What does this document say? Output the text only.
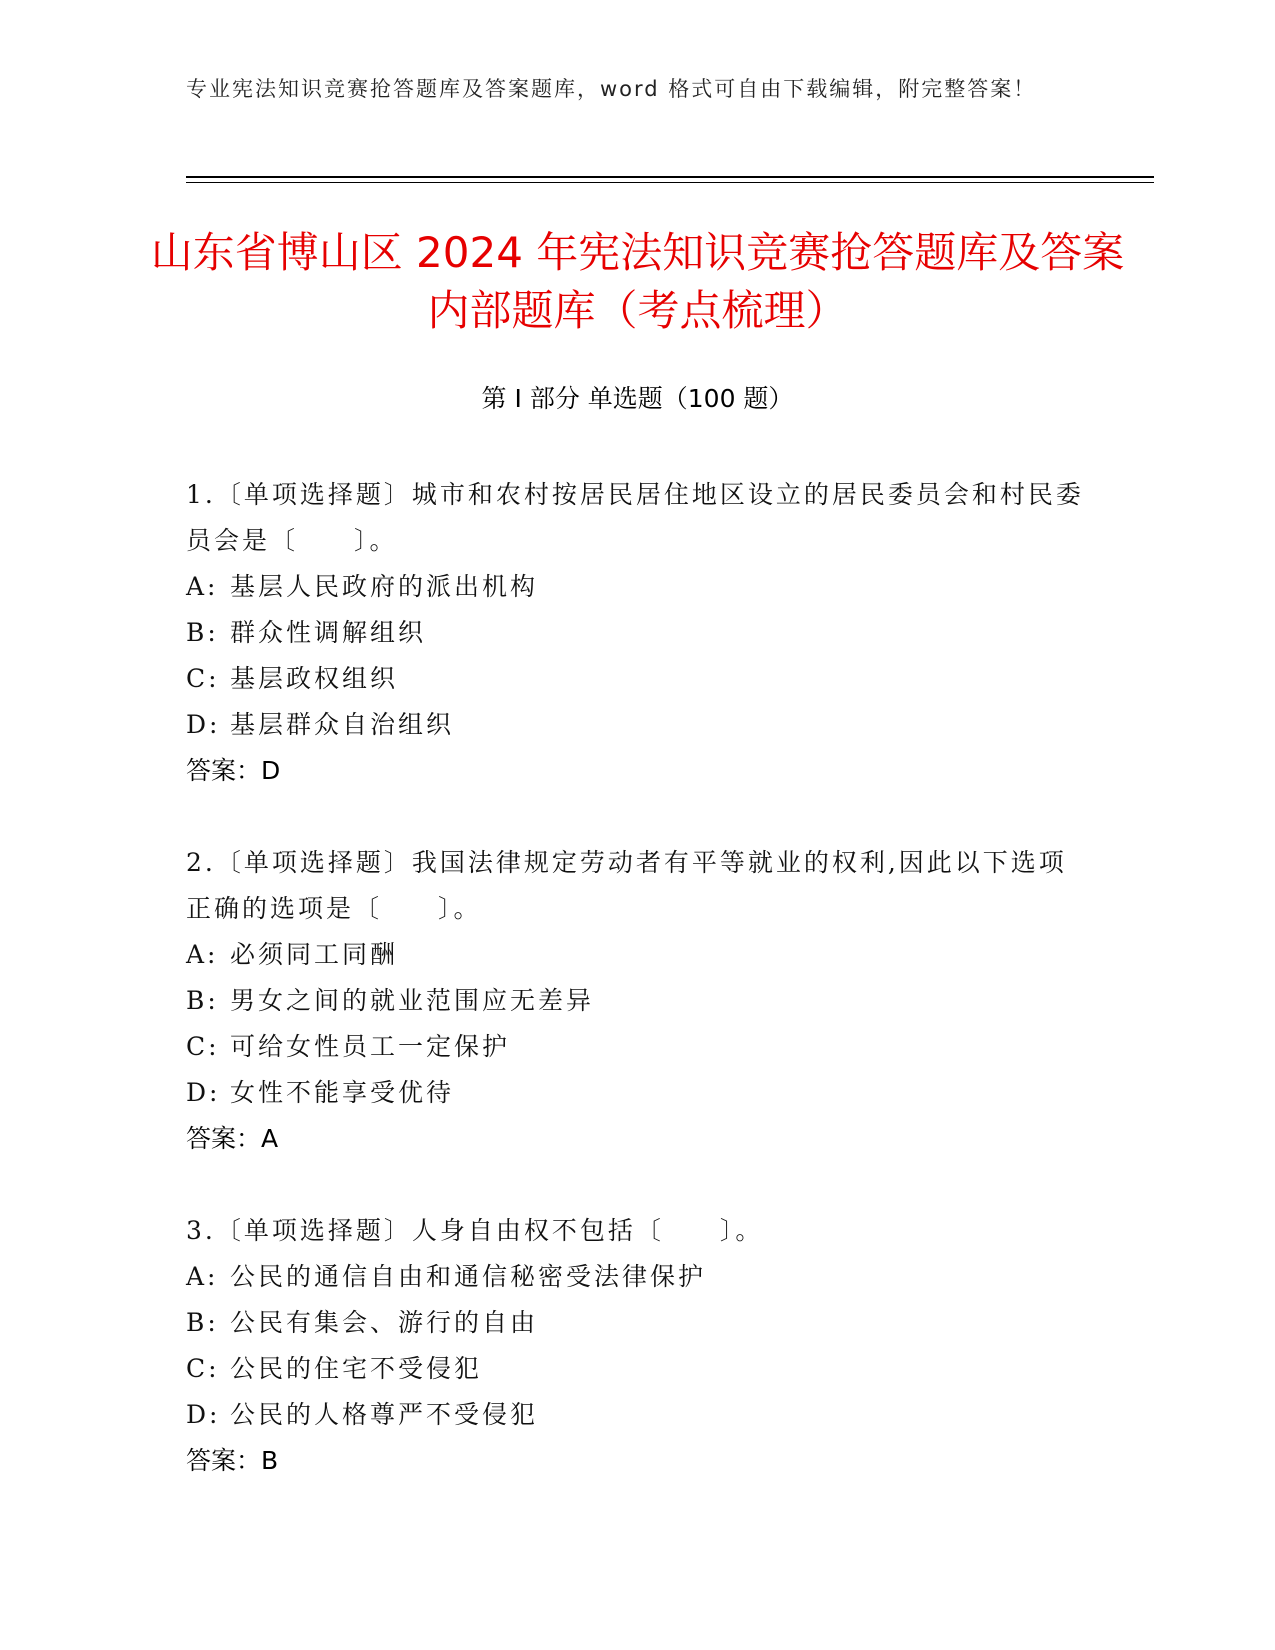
专业宪法知识竞赛抢答题库及答案题库，word 格式可自由下载编辑，附完整答案！
山东省博山区 2024 年宪法知识竞赛抢答题库及答案内部题库（考点梳理）
第 I 部分 单选题（100 题）

1.〔单项选择题〕城市和农村按居民居住地区设立的居民委员会和村民委员会是〔　　〕。

A: 基层人民政府的派出机构

B: 群众性调解组织

C: 基层政权组织

D: 基层群众自治组织

答案：D

2.〔单项选择题〕我国法律规定劳动者有平等就业的权利,因此以下选项正确的选项是〔　　〕。

A: 必须同工同酬

B: 男女之间的就业范围应无差异

C: 可给女性员工一定保护

D: 女性不能享受优待

答案：A

3.〔单项选择题〕人身自由权不包括〔　　〕。

A: 公民的通信自由和通信秘密受法律保护

B: 公民有集会、游行的自由

C: 公民的住宅不受侵犯

D: 公民的人格尊严不受侵犯

答案：B
